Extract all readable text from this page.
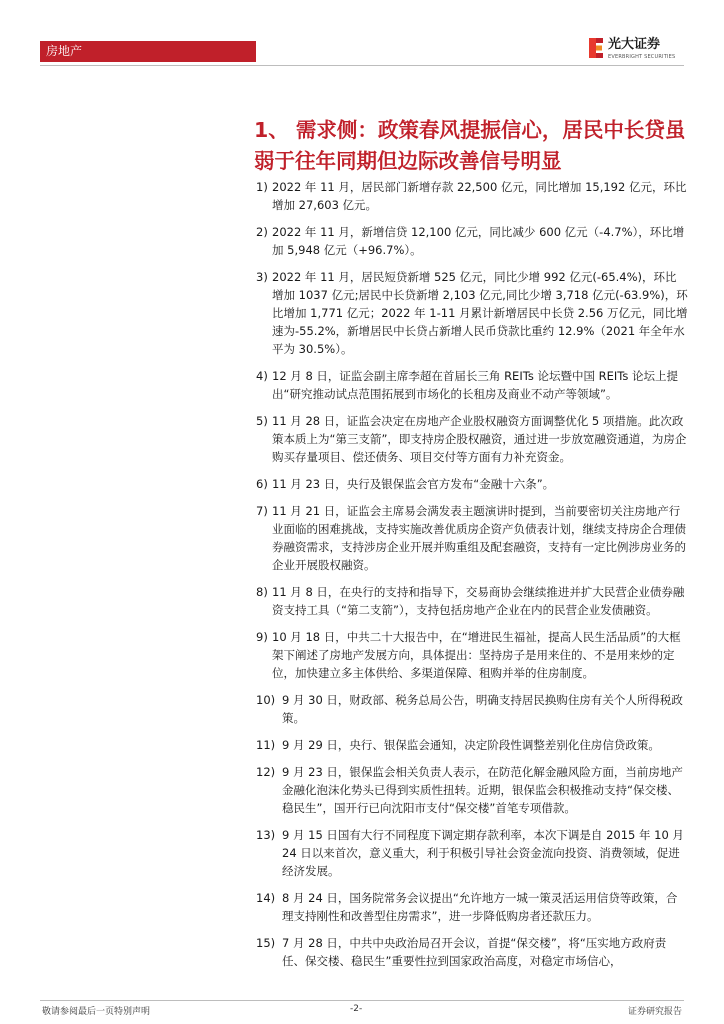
房地产	光大证券
EVERBRIGHT SECURITIES
1、 需求侧：政策春风提振信心，居民中长贷虽弱于往年同期但边际改善信号明显
1) 2022 年 11 月，居民部门新增存款 22,500 亿元，同比增加 15,192 亿元，环比增加 27,603 亿元。
2) 2022 年 11 月，新增信贷 12,100 亿元，同比减少 600 亿元（-4.7%），环比增加 5,948 亿元（+96.7%）。
3) 2022 年 11 月，居民短贷新增 525 亿元，同比少增 992 亿元(-65.4%)，环比增加 1037 亿元;居民中长贷新增 2,103 亿元,同比少增 3,718 亿元(-63.9%)，环比增加 1,771 亿元；2022 年 1-11 月累计新增居民中长贷 2.56 万亿元，同比增速为-55.2%，新增居民中长贷占新增人民币贷款比重约 12.9%（2021 年全年水平为 30.5%）。
4) 12 月 8 日，证监会副主席李超在首届长三角 REITs 论坛暨中国 REITs 论坛上提出“研究推动试点范围拓展到市场化的长租房及商业不动产等领域”。
5) 11 月 28 日，证监会决定在房地产企业股权融资方面调整优化 5 项措施。此次政策本质上为“第三支箭”，即支持房企股权融资，通过进一步放宽融资通道，为房企购买存量项目、偿还债务、项目交付等方面有力补充资金。
6) 11 月 23 日，央行及银保监会官方发布“金融十六条”。
7) 11 月 21 日，证监会主席易会满发表主题演讲时提到，当前要密切关注房地产行业面临的困难挑战，支持实施改善优质房企资产负债表计划，继续支持房企合理债券融资需求，支持涉房企业开展并购重组及配套融资，支持有一定比例涉房业务的企业开展股权融资。
8) 11 月 8 日，在央行的支持和指导下，交易商协会继续推进并扩大民营企业债券融资支持工具（“第二支箭”），支持包括房地产企业在内的民营企业发债融资。
9) 10 月 18 日，中共二十大报告中，在“增进民生福祉，提高人民生活品质”的大框架下阐述了房地产发展方向，具体提出：坚持房子是用来住的、不是用来炒的定位，加快建立多主体供给、多渠道保障、租购并举的住房制度。
10) 9 月 30 日，财政部、税务总局公告，明确支持居民换购住房有关个人所得税政策。
11) 9 月 29 日，央行、银保监会通知，决定阶段性调整差别化住房信贷政策。
12) 9 月 23 日，银保监会相关负责人表示，在防范化解金融风险方面，当前房地产金融化泡沫化势头已得到实质性扭转。近期，银保监会积极推动支持“保交楼、稳民生”，国开行已向沈阳市支付“保交楼”首笔专项借款。
13) 9 月 15 日国有大行不同程度下调定期存款利率，本次下调是自 2015 年 10 月 24 日以来首次，意义重大，利于积极引导社会资金流向投资、消费领域，促进经济发展。
14) 8 月 24 日，国务院常务会议提出“允许地方一城一策灵活运用信贷等政策，合理支持刚性和改善型住房需求”，进一步降低购房者还款压力。
15) 7 月 28 日，中共中央政治局召开会议，首提“保交楼”，将“压实地方政府责任、保交楼、稳民生”重要性拉到国家政治高度，对稳定市场信心，
敬请参阅最后一页特别声明	-2-	证券研究报告
